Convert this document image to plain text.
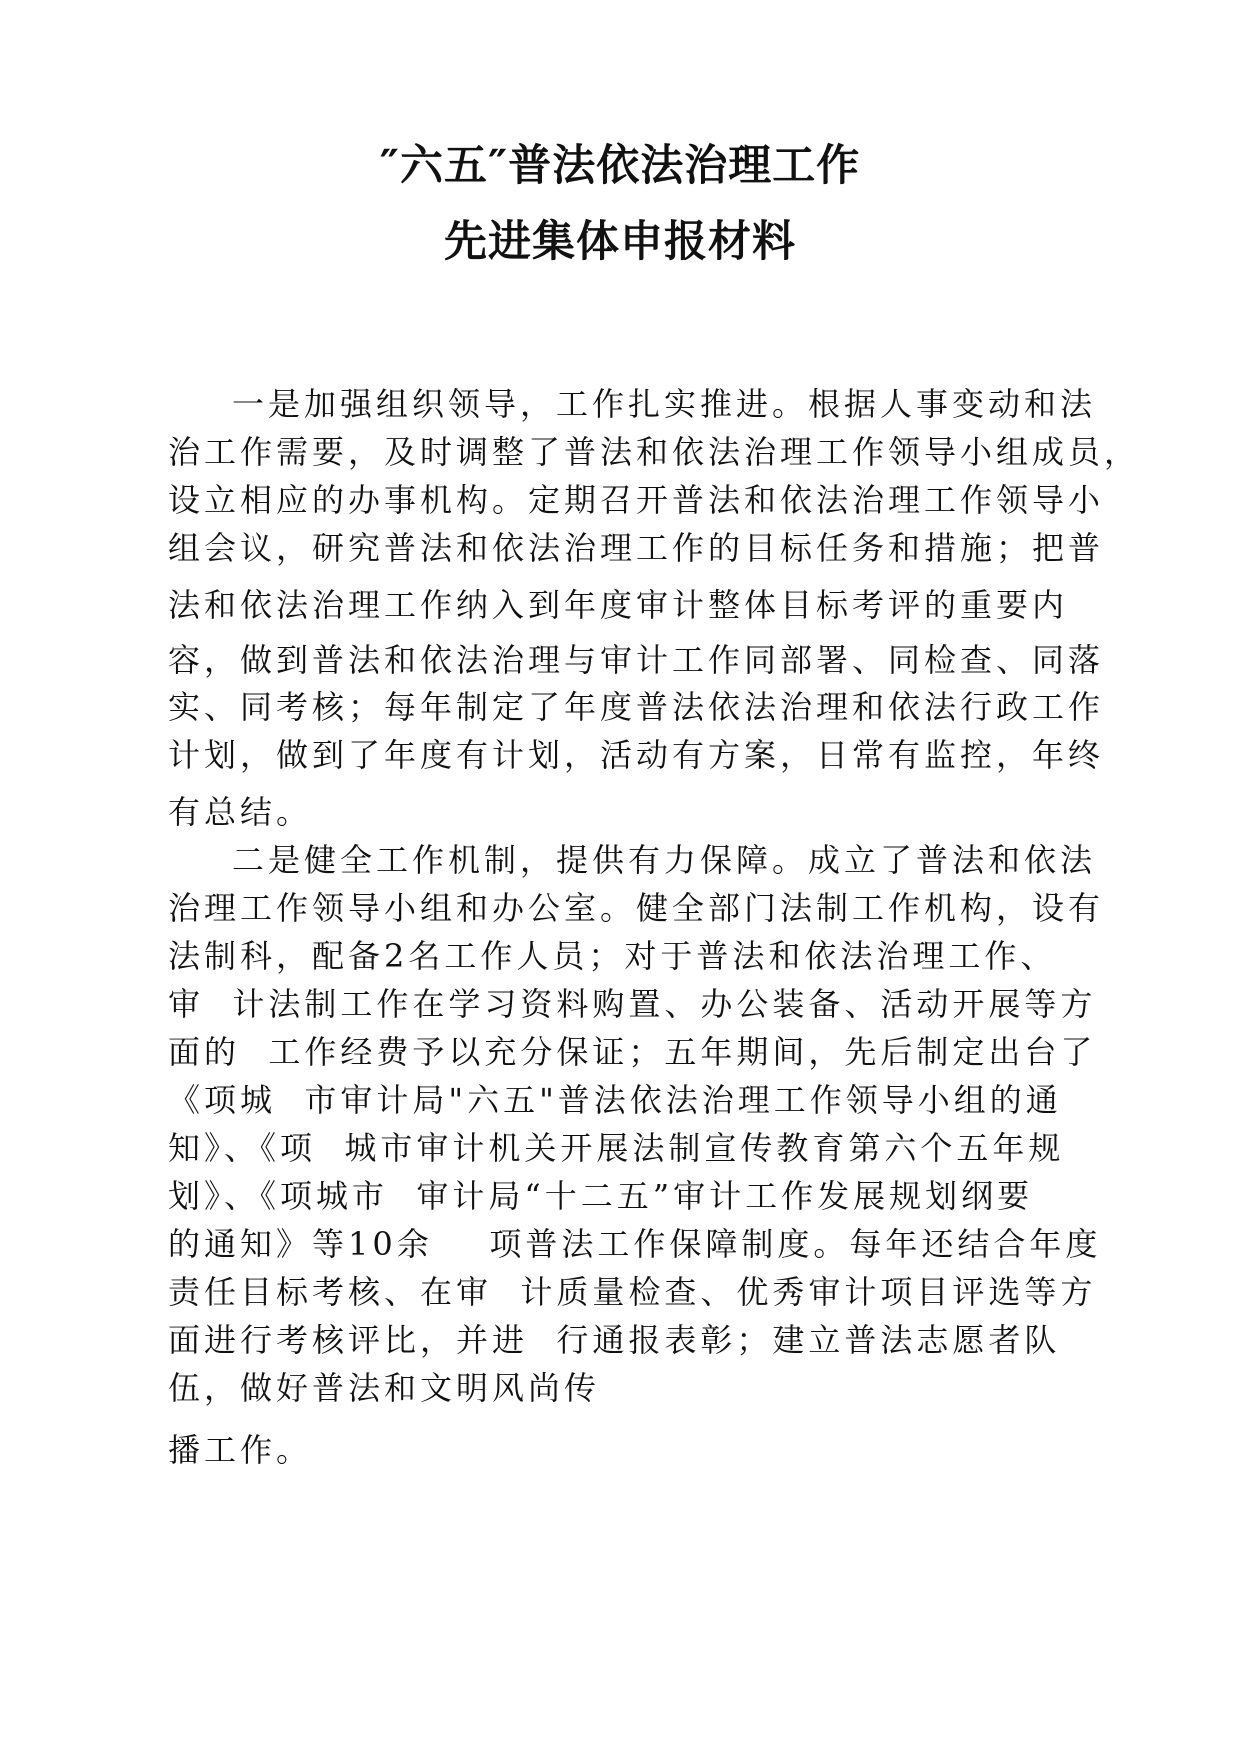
″六五″普法依法治理工作
先进集体申报材料
一是加强组织领导，工作扎实推进。根据人事变动和法
治工作需要，及时调整了普法和依法治理工作领导小组成员，
设立相应的办事机构。定期召开普法和依法治理工作领导小
组会议，研究普法和依法治理工作的目标任务和措施；把普
法和依法治理工作纳入到年度审计整体目标考评的重要内
容，做到普法和依法治理与审计工作同部署、同检查、同落
实、同考核；每年制定了年度普法依法治理和依法行政工作
计划，做到了年度有计划，活动有方案，日常有监控，年终
有总结。
二是健全工作机制，提供有力保障。成立了普法和依法
治理工作领导小组和办公室。健全部门法制工作机构，设有
法制科，配备2名工作人员；对于普法和依法治理工作、
审  计法制工作在学习资料购置、办公装备、活动开展等方
面的  工作经费予以充分保证；五年期间，先后制定出台了
《项城  市审计局"六五"普法依法治理工作领导小组的通
知》、《项  城市审计机关开展法制宣传教育第六个五年规
划》、《项城市  审计局“十二五”审计工作发展规划纲要
的通知》等10余    项普法工作保障制度。每年还结合年度
责任目标考核、在审  计质量检查、优秀审计项目评选等方
面进行考核评比，并进  行通报表彰；建立普法志愿者队
伍，做好普法和文明风尚传
播工作。
